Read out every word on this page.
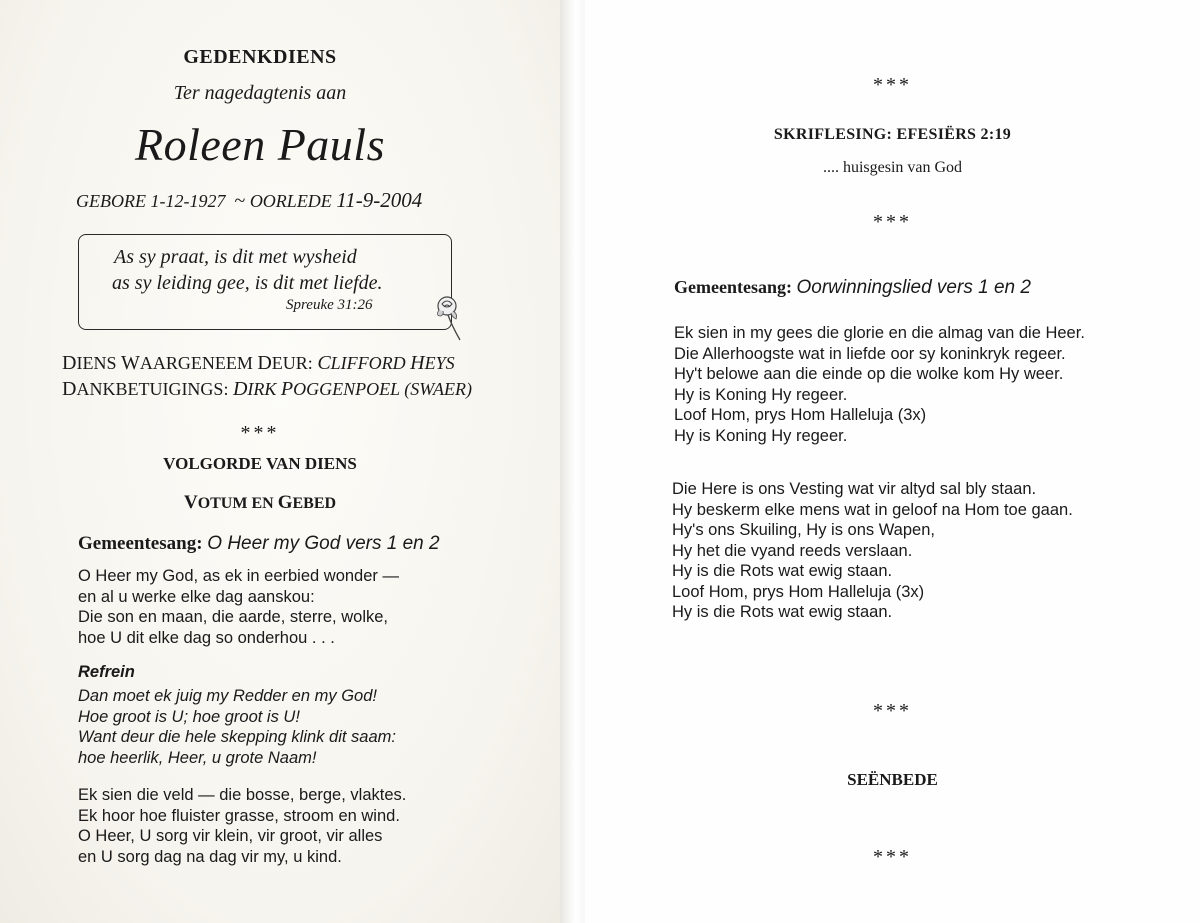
GEDENKDIENS
Ter nagedagtenis aan
Roleen Pauls
GEBORE 1-12-1927 ~ OORLEDE 11-9-2004
As sy praat, is dit met wysheid
as sy leiding gee, is dit met liefde.
Spreuke 31:26
DIENS WAARGENEEM DEUR: CLIFFORD HEYS
DANKBETUIGINGS: DIRK POGGENPOEL (SWAER)
***
VOLGORDE VAN DIENS
VOTUM EN GEBED
Gemeentesang: O Heer my God vers 1 en 2
O Heer my God, as ek in eerbied wonder —
en al u werke elke dag aanskou:
Die son en maan, die aarde, sterre, wolke,
hoe U dit elke dag so onderhou . . .
Refrein
Dan moet ek juig my Redder en my God!
Hoe groot is U; hoe groot is U!
Want deur die hele skepping klink dit saam:
hoe heerlik, Heer, u grote Naam!
Ek sien die veld — die bosse, berge, vlaktes.
Ek hoor hoe fluister grasse, stroom en wind.
O Heer, U sorg vir klein, vir groot, vir alles
en U sorg dag na dag vir my, u kind.
***
SKRIFLESING: EFESIËRS 2:19
.... huisgesin van God
***
Gemeentesang: Oorwinningslied vers 1 en 2
Ek sien in my gees die glorie en die almag van die Heer.
Die Allerhoogste wat in liefde oor sy koninkryk regeer.
Hy't belowe aan die einde op die wolke kom Hy weer.
Hy is Koning Hy regeer.
Loof Hom, prys Hom Halleluja (3x)
Hy is Koning Hy regeer.
Die Here is ons Vesting wat vir altyd sal bly staan.
Hy beskerm elke mens wat in geloof na Hom toe gaan.
Hy's ons Skuiling, Hy is ons Wapen,
Hy het die vyand reeds verslaan.
Hy is die Rots wat ewig staan.
Loof Hom, prys Hom Halleluja (3x)
Hy is die Rots wat ewig staan.
***
SEËNBEDE
***
